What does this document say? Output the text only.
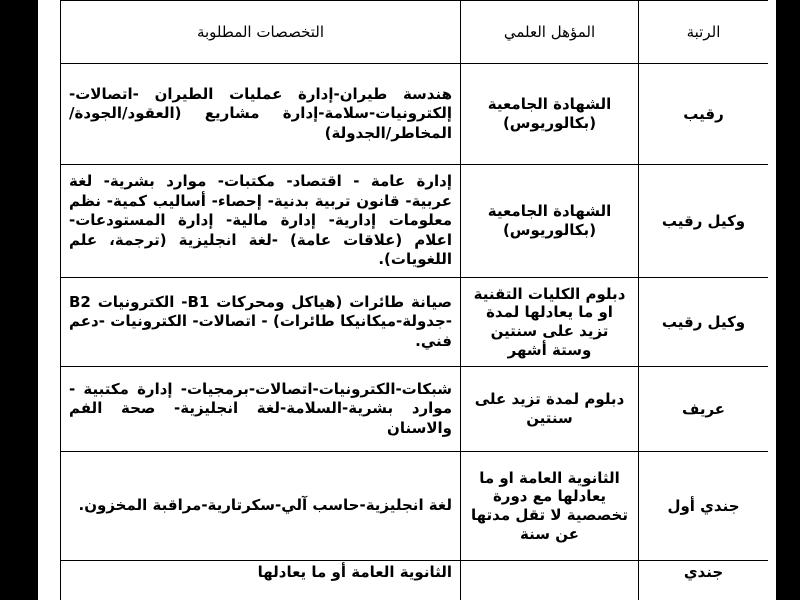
الرتبة	المؤهل العلمي	التخصصات المطلوبة
رقيب	الشهادة الجامعية (بكالوريوس)	هندسة طيران-إدارة عمليات الطيران -اتصالات-إلكترونيات-سلامة-إدارة مشاريع (العقود/الجودة/المخاطر/الجدولة)
وكيل رقيب	الشهادة الجامعية (بكالوريوس)	إدارة عامة - اقتصاد- مكتبات- موارد بشرية- لغة عربية- قانون تربية بدنية- إحصاء- أساليب كمية- نظم معلومات إدارية- إدارة مالية- إدارة المستودعات- اعلام (علاقات عامة) -لغة انجليزية (ترجمة، علم اللغويات).
وكيل رقيب	دبلوم الكليات التقنية او ما يعادلها لمدة تزيد على سنتين وستة أشهر	صيانة طائرات (هياكل ومحركات B1- الكترونيات B2 -جدولة-ميكانيكا طائرات) - اتصالات- الكترونيات -دعم فني.
عريف	دبلوم لمدة تزيد على سنتين	شبكات-الكترونيات-اتصالات-برمجيات- إدارة مكتبية - موارد بشرية-السلامة-لغة انجليزية- صحة الفم والاسنان
جندي أول	الثانوية العامة او ما يعادلها مع دورة تخصصية لا تقل مدتها عن سنة	لغة انجليزية-حاسب آلي-سكرتارية-مراقبة المخزون.
جندي		الثانوية العامة أو ما يعادلها
